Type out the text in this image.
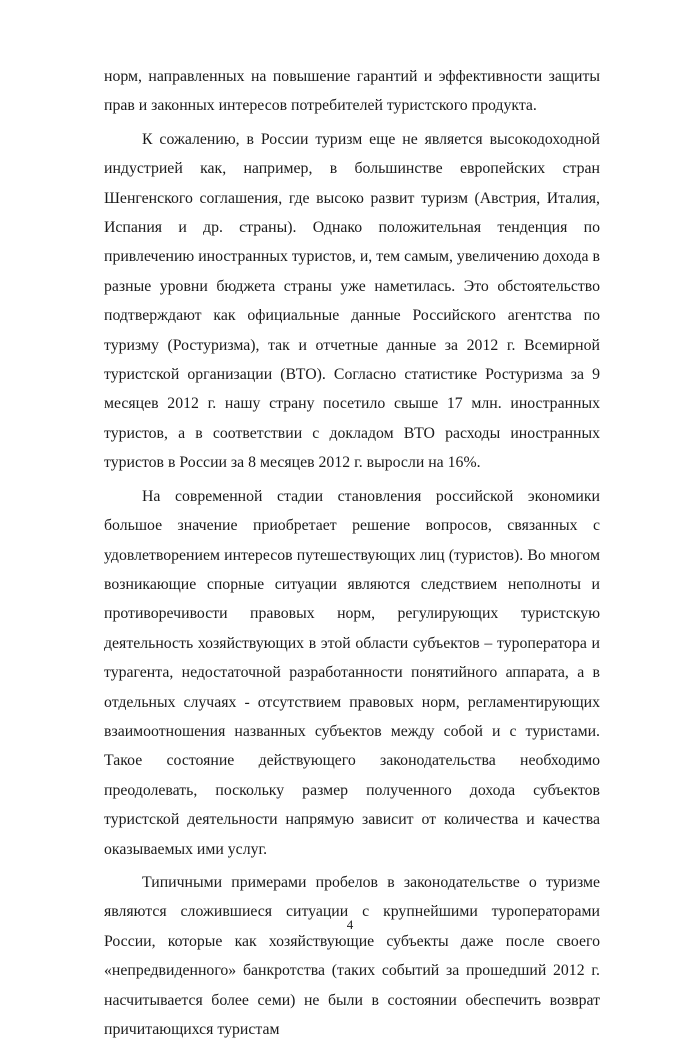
норм, направленных на повышение гарантий и эффективности защиты прав и законных интересов потребителей туристского продукта.

К сожалению, в России туризм еще не является высокодоходной индустрией как, например, в большинстве европейских стран Шенгенского соглашения, где высоко развит туризм (Австрия, Италия, Испания и др. страны). Однако положительная тенденция по привлечению иностранных туристов, и, тем самым, увеличению дохода в разные уровни бюджета страны уже наметилась. Это обстоятельство подтверждают как официальные данные Российского агентства по туризму (Ростуризма), так и отчетные данные за 2012 г. Всемирной туристской организации (ВТО). Согласно статистике Ростуризма за 9 месяцев 2012 г. нашу страну посетило свыше 17 млн. иностранных туристов, а в соответствии с докладом ВТО расходы иностранных туристов в России за 8 месяцев 2012 г. выросли на 16%.

На современной стадии становления российской экономики большое значение приобретает решение вопросов, связанных с удовлетворением интересов путешествующих лиц (туристов). Во многом возникающие спорные ситуации являются следствием неполноты и противоречивости правовых норм, регулирующих туристскую деятельность хозяйствующих в этой области субъектов – туроператора и турагента, недостаточной разработанности понятийного аппарата, а в отдельных случаях - отсутствием правовых норм, регламентирующих взаимоотношения названных субъектов между собой и с туристами. Такое состояние действующего законодательства необходимо преодолевать, поскольку размер полученного дохода субъектов туристской деятельности напрямую зависит от количества и качества оказываемых ими услуг.

Типичными примерами пробелов в законодательстве о туризме являются сложившиеся ситуации с крупнейшими туроператорами России, которые как хозяйствующие субъекты даже после своего «непредвиденного» банкротства (таких событий за прошедший 2012 г. насчитывается более семи) не были в состоянии обеспечить возврат причитающихся туристам

4
